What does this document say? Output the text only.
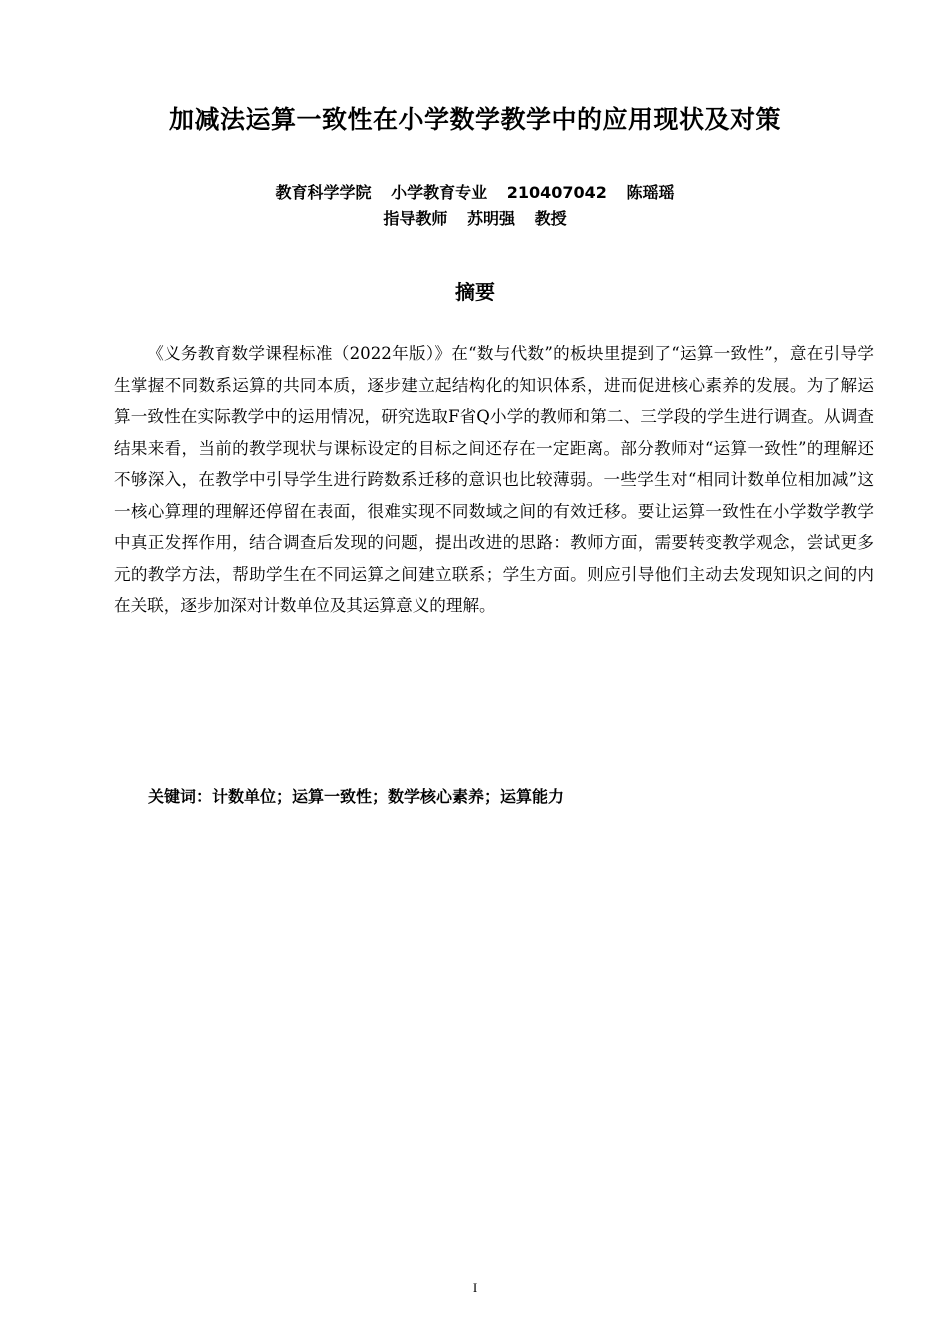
加减法运算一致性在小学数学教学中的应用现状及对策
教育科学学院 小学教育专业 210407042 陈瑶瑶
指导教师 苏明强 教授
摘要

《义务教育数学课程标准（2022年版）》在“数与代数”的板块里提到了“运算一致性”，意在引导学生掌握不同数系运算的共同本质，逐步建立起结构化的知识体系，进而促进核心素养的发展。为了解运算一致性在实际教学中的运用情况，研究选取F省Q小学的教师和第二、三学段的学生进行调查。从调查结果来看，当前的教学现状与课标设定的目标之间还存在一定距离。部分教师对“运算一致性”的理解还不够深入，在教学中引导学生进行跨数系迁移的意识也比较薄弱。一些学生对“相同计数单位相加减”这一核心算理的理解还停留在表面，很难实现不同数域之间的有效迁移。要让运算一致性在小学数学教学中真正发挥作用，结合调查后发现的问题，提出改进的思路：教师方面，需要转变教学观念，尝试更多元的教学方法，帮助学生在不同运算之间建立联系；学生方面。则应引导他们主动去发现知识之间的内在关联，逐步加深对计数单位及其运算意义的理解。

关键词：计数单位；运算一致性；数学核心素养；运算能力
I
